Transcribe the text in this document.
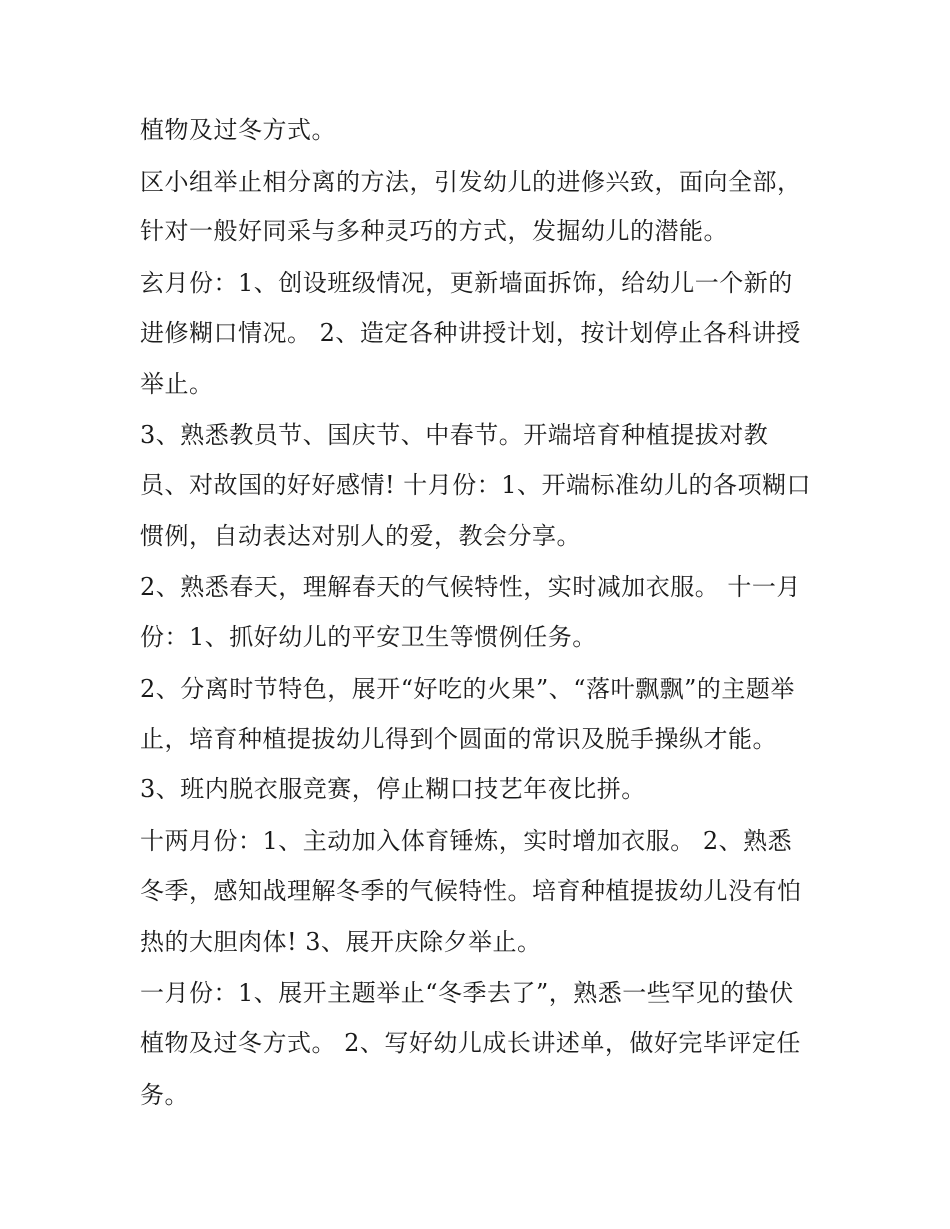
植物及过冬方式。
区小组举止相分离的方法，引发幼儿的进修兴致，面向全部，
针对一般好同采与多种灵巧的方式，发掘幼儿的潜能。
玄月份：1、创设班级情况，更新墙面拆饰，给幼儿一个新的
进修糊口情况。 2、造定各种讲授计划，按计划停止各科讲授
举止。
3、熟悉教员节、国庆节、中春节。开端培育种植提拔对教
员、对故国的好好感情! 十月份：1、开端标准幼儿的各项糊口
惯例，自动表达对别人的爱，教会分享。
2、熟悉春天，理解春天的气候特性，实时减加衣服。 十一月
份：1、抓好幼儿的平安卫生等惯例任务。
2、分离时节特色，展开“好吃的火果”、“落叶飘飘”的主题举
止，培育种植提拔幼儿得到个圆面的常识及脱手操纵才能。
3、班内脱衣服竞赛，停止糊口技艺年夜比拼。
十两月份：1、主动加入体育锤炼，实时增加衣服。 2、熟悉
冬季，感知战理解冬季的气候特性。培育种植提拔幼儿没有怕
热的大胆肉体! 3、展开庆除夕举止。
一月份：1、展开主题举止“冬季去了”，熟悉一些罕见的蛰伏
植物及过冬方式。 2、写好幼儿成长讲述单，做好完毕评定任
务。
